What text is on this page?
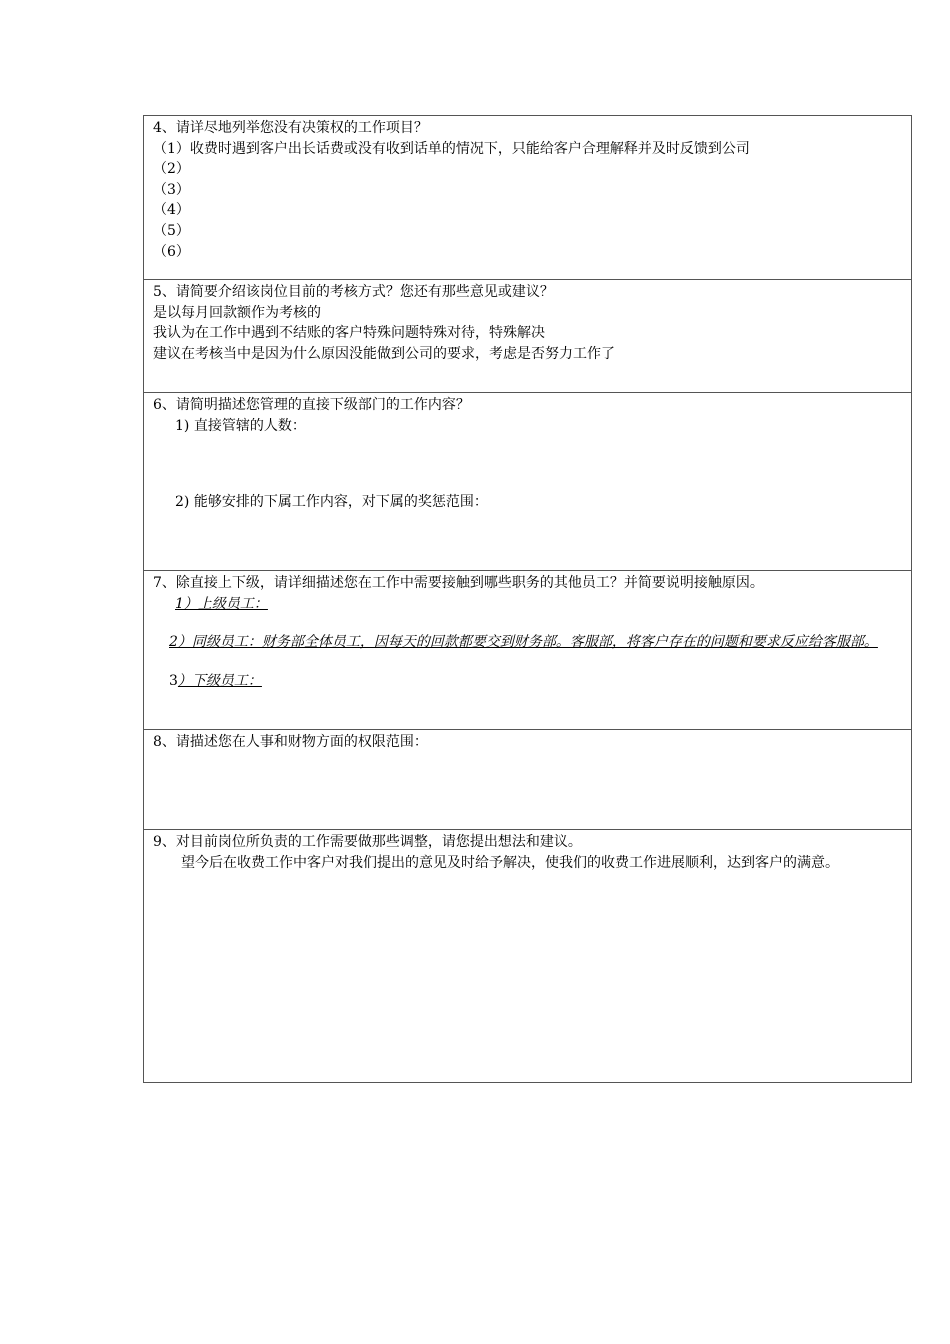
4、请详尽地列举您没有决策权的工作项目？
（1）收费时遇到客户出长话费或没有收到话单的情况下，只能给客户合理解释并及时反馈到公司
（2）
（3）
（4）
（5）
（6）

5、请简要介绍该岗位目前的考核方式？您还有那些意见或建议？
是以每月回款额作为考核的
我认为在工作中遇到不结账的客户特殊问题特殊对待，特殊解决
建议在考核当中是因为什么原因没能做到公司的要求，考虑是否努力工作了

6、请简明描述您管理的直接下级部门的工作内容？
1) 直接管辖的人数：
2) 能够安排的下属工作内容，对下属的奖惩范围：

7、除直接上下级，请详细描述您在工作中需要接触到哪些职务的其他员工？并简要说明接触原因。
1）上级员工：
2）同级员工：财务部全体员工，因每天的回款都要交到财务部。客服部，将客户存在的问题和要求反应给客服部。
3）下级员工：

8、请描述您在人事和财物方面的权限范围：

9、对目前岗位所负责的工作需要做那些调整，请您提出想法和建议。
望今后在收费工作中客户对我们提出的意见及时给予解决，使我们的收费工作进展顺利，达到客户的满意。
